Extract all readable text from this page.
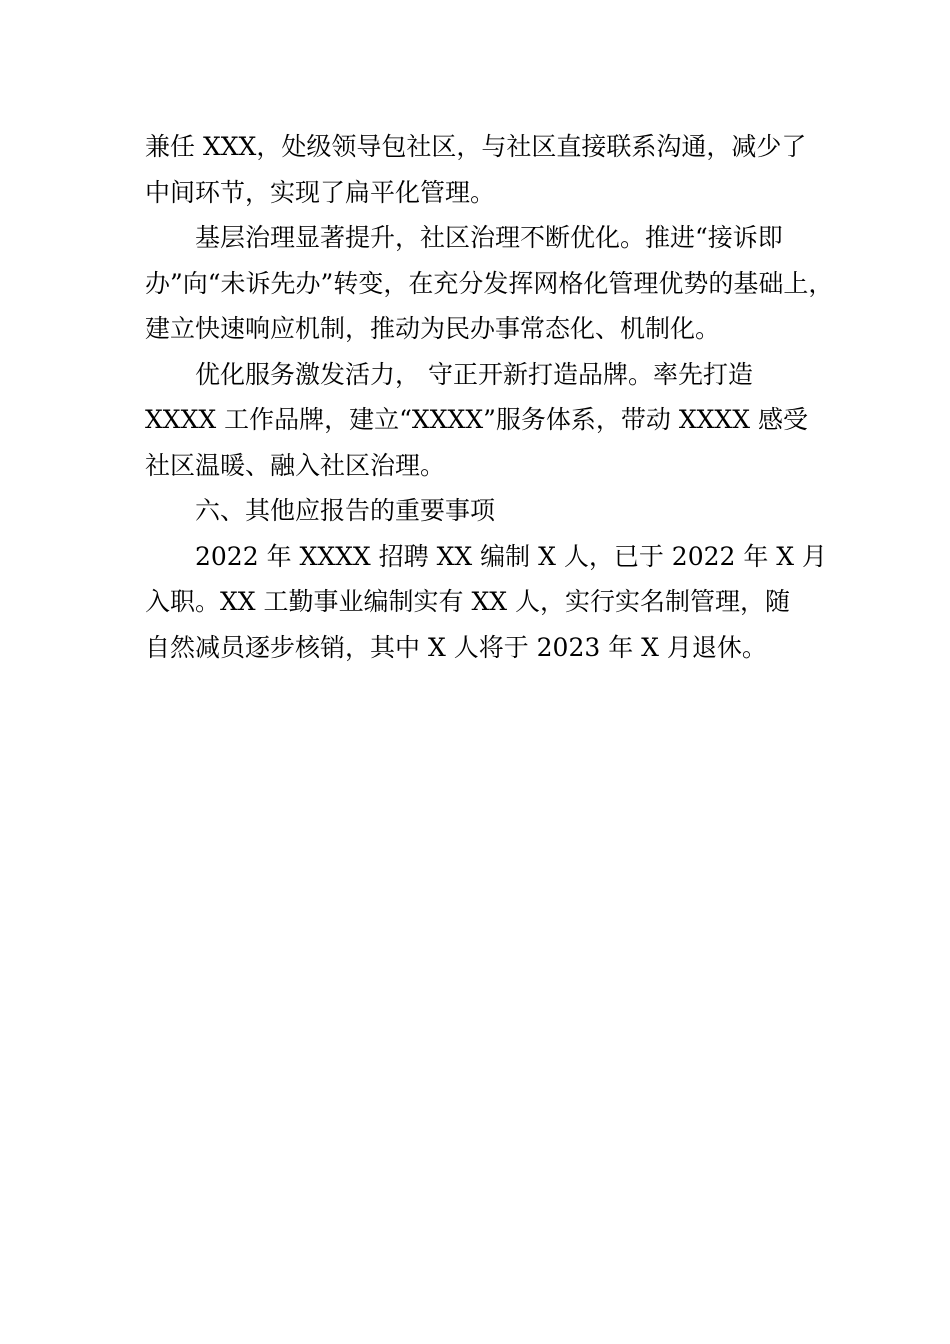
兼任 XXX，处级领导包社区，与社区直接联系沟通，减少了
中间环节，实现了扁平化管理。
基层治理显著提升，社区治理不断优化。推进“接诉即
办”向“未诉先办”转变，在充分发挥网格化管理优势的基础上，
建立快速响应机制，推动为民办事常态化、机制化。
优化服务激发活力， 守正开新打造品牌。率先打造
XXXX 工作品牌，建立“XXXX”服务体系，带动 XXXX 感受
社区温暖、融入社区治理。
六、其他应报告的重要事项
2022 年 XXXX 招聘 XX 编制 X 人，已于 2022 年 X 月
入职。XX 工勤事业编制实有 XX 人，实行实名制管理，随
自然减员逐步核销，其中 X 人将于 2023 年 X 月退休。
